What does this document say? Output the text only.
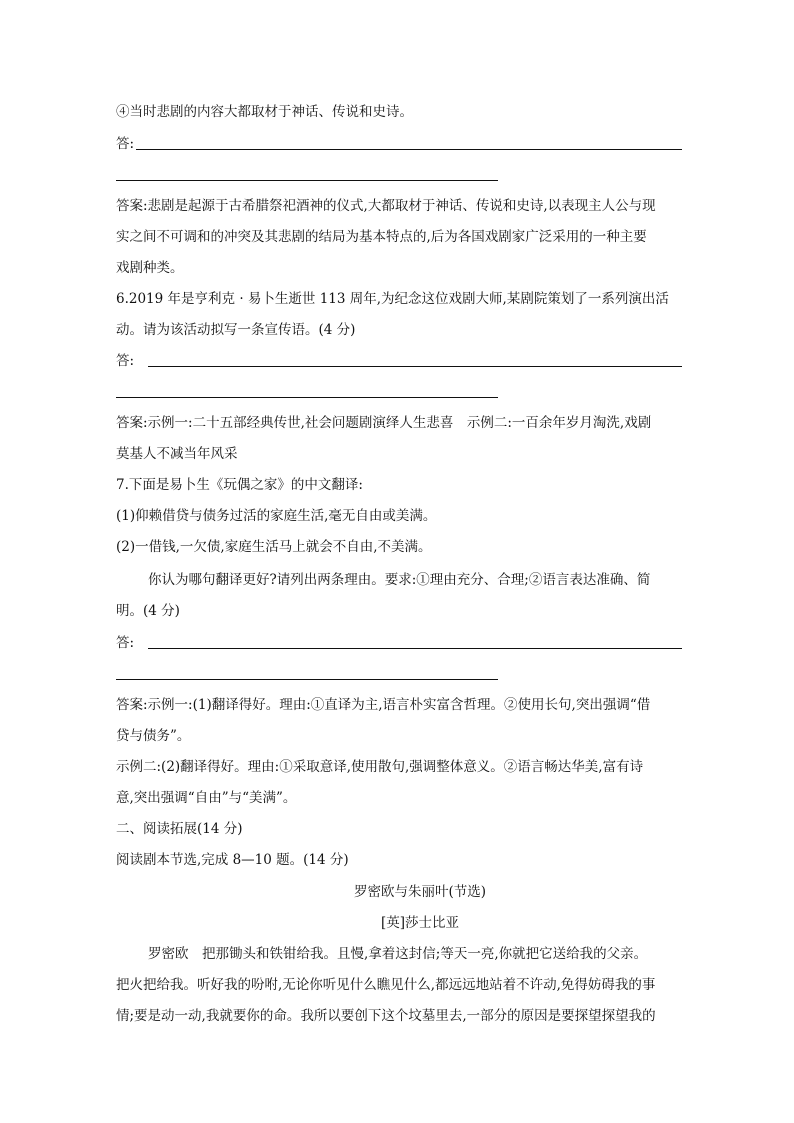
④当时悲剧的内容大都取材于神话、传说和史诗。
答:
答案:悲剧是起源于古希腊祭祀酒神的仪式,大都取材于神话、传说和史诗,以表现主人公与现
实之间不可调和的冲突及其悲剧的结局为基本特点的,后为各国戏剧家广泛采用的一种主要
戏剧种类。
6.2019 年是亨利克 · 易卜生逝世 113 周年,为纪念这位戏剧大师,某剧院策划了一系列演出活
动。请为该活动拟写一条宣传语。(4 分)
答:
答案:示例一:二十五部经典传世,社会问题剧演绎人生悲喜　示例二:一百余年岁月淘洗,戏剧
莫基人不减当年风采
7.下面是易卜生《玩偶之家》的中文翻译:
(1)仰赖借贷与债务过活的家庭生活,毫无自由或美满。
(2)一借钱,一欠债,家庭生活马上就会不自由,不美满。
你认为哪句翻译更好?请列出两条理由。要求:①理由充分、合理;②语言表达准确、简
明。(4 分)
答:
答案:示例一:(1)翻译得好。理由:①直译为主,语言朴实富含哲理。②使用长句,突出强调“借
贷与债务”。
示例二:(2)翻译得好。理由:①采取意译,使用散句,强调整体意义。②语言畅达华美,富有诗
意,突出强调“自由”与“美满”。
二、阅读拓展(14 分)
阅读剧本节选,完成 8—10 题。(14 分)
罗密欧与朱丽叶(节选)
[英]莎士比亚
罗密欧　把那锄头和铁钳给我。且慢,拿着这封信;等天一亮,你就把它送给我的父亲。
把火把给我。听好我的吩咐,无论你听见什么瞧见什么,都远远地站着不许动,免得妨碍我的事
情;要是动一动,我就要你的命。我所以要创下这个坟墓里去,一部分的原因是要探望探望我的
